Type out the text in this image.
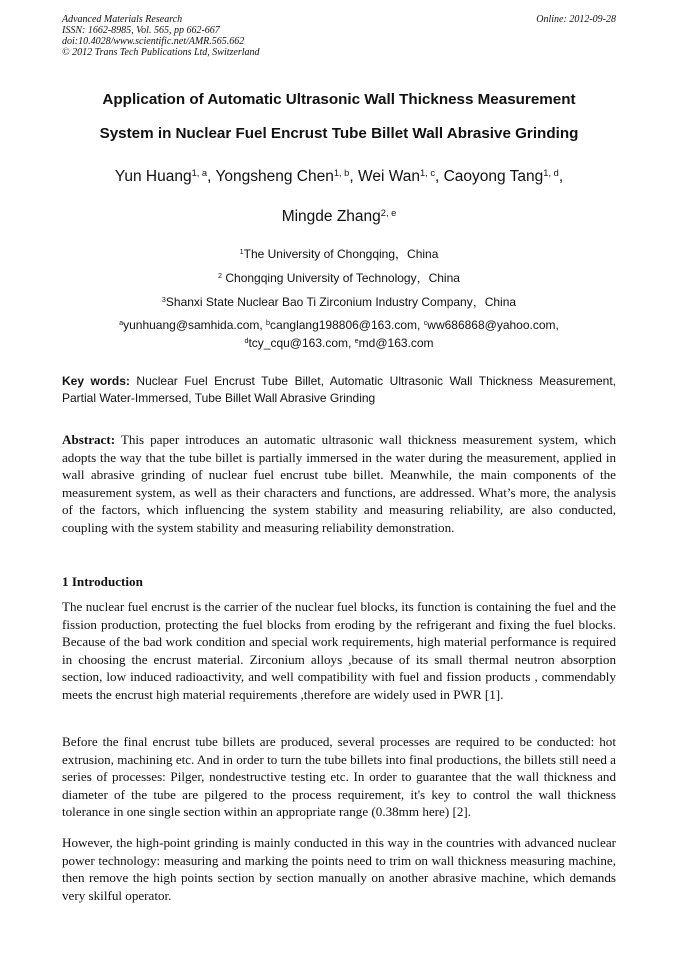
Advanced Materials Research
ISSN: 1662-8985, Vol. 565, pp 662-667
doi:10.4028/www.scientific.net/AMR.565.662
© 2012 Trans Tech Publications Ltd, Switzerland
Online: 2012-09-28
Application of Automatic Ultrasonic Wall Thickness Measurement
System in Nuclear Fuel Encrust Tube Billet Wall Abrasive Grinding
Yun Huang$^{1, a}$, Yongsheng Chen$^{1, b}$, Wei Wan$^{1, c}$, Caoyong Tang$^{1, d}$,
Mingde Zhang$^{2, e}$
$^1$The University of Chongqing，China
$^2$ Chongqing University of Technology，China
$^3$Shanxi State Nuclear Bao Ti Zirconium Industry Company，China
$^a$yunhuang@samhida.com, $^b$canglang198806@163.com, $^c$ww686868@yahoo.com,
$^d$tcy_cqu@163.com, $^e$md@163.com
Key words: Nuclear Fuel Encrust Tube Billet, Automatic Ultrasonic Wall Thickness Measurement, Partial Water-Immersed, Tube Billet Wall Abrasive Grinding
Abstract: This paper introduces an automatic ultrasonic wall thickness measurement system, which adopts the way that the tube billet is partially immersed in the water during the measurement, applied in wall abrasive grinding of nuclear fuel encrust tube billet. Meanwhile, the main components of the measurement system, as well as their characters and functions, are addressed. What’s more, the analysis of the factors, which influencing the system stability and measuring reliability, are also conducted, coupling with the system stability and measuring reliability demonstration.
1 Introduction
The nuclear fuel encrust is the carrier of the nuclear fuel blocks, its function is containing the fuel and the fission production, protecting the fuel blocks from eroding by the refrigerant and fixing the fuel blocks. Because of the bad work condition and special work requirements, high material performance is required in choosing the encrust material. Zirconium alloys ,because of its small thermal neutron absorption section, low induced radioactivity, and well compatibility with fuel and fission products , commendably meets the encrust high material requirements ,therefore are widely used in PWR [1].
Before the final encrust tube billets are produced, several processes are required to be conducted: hot extrusion, machining etc. And in order to turn the tube billets into final productions, the billets still need a series of processes: Pilger, nondestructive testing etc. In order to guarantee that the wall thickness and diameter of the tube are pilgered to the process requirement, it's key to control the wall thickness tolerance in one single section within an appropriate range (0.38mm here) [2].
However, the high-point grinding is mainly conducted in this way in the countries with advanced nuclear power technology: measuring and marking the points need to trim on wall thickness measuring machine, then remove the high points section by section manually on another abrasive machine, which demands very skilful operator.
